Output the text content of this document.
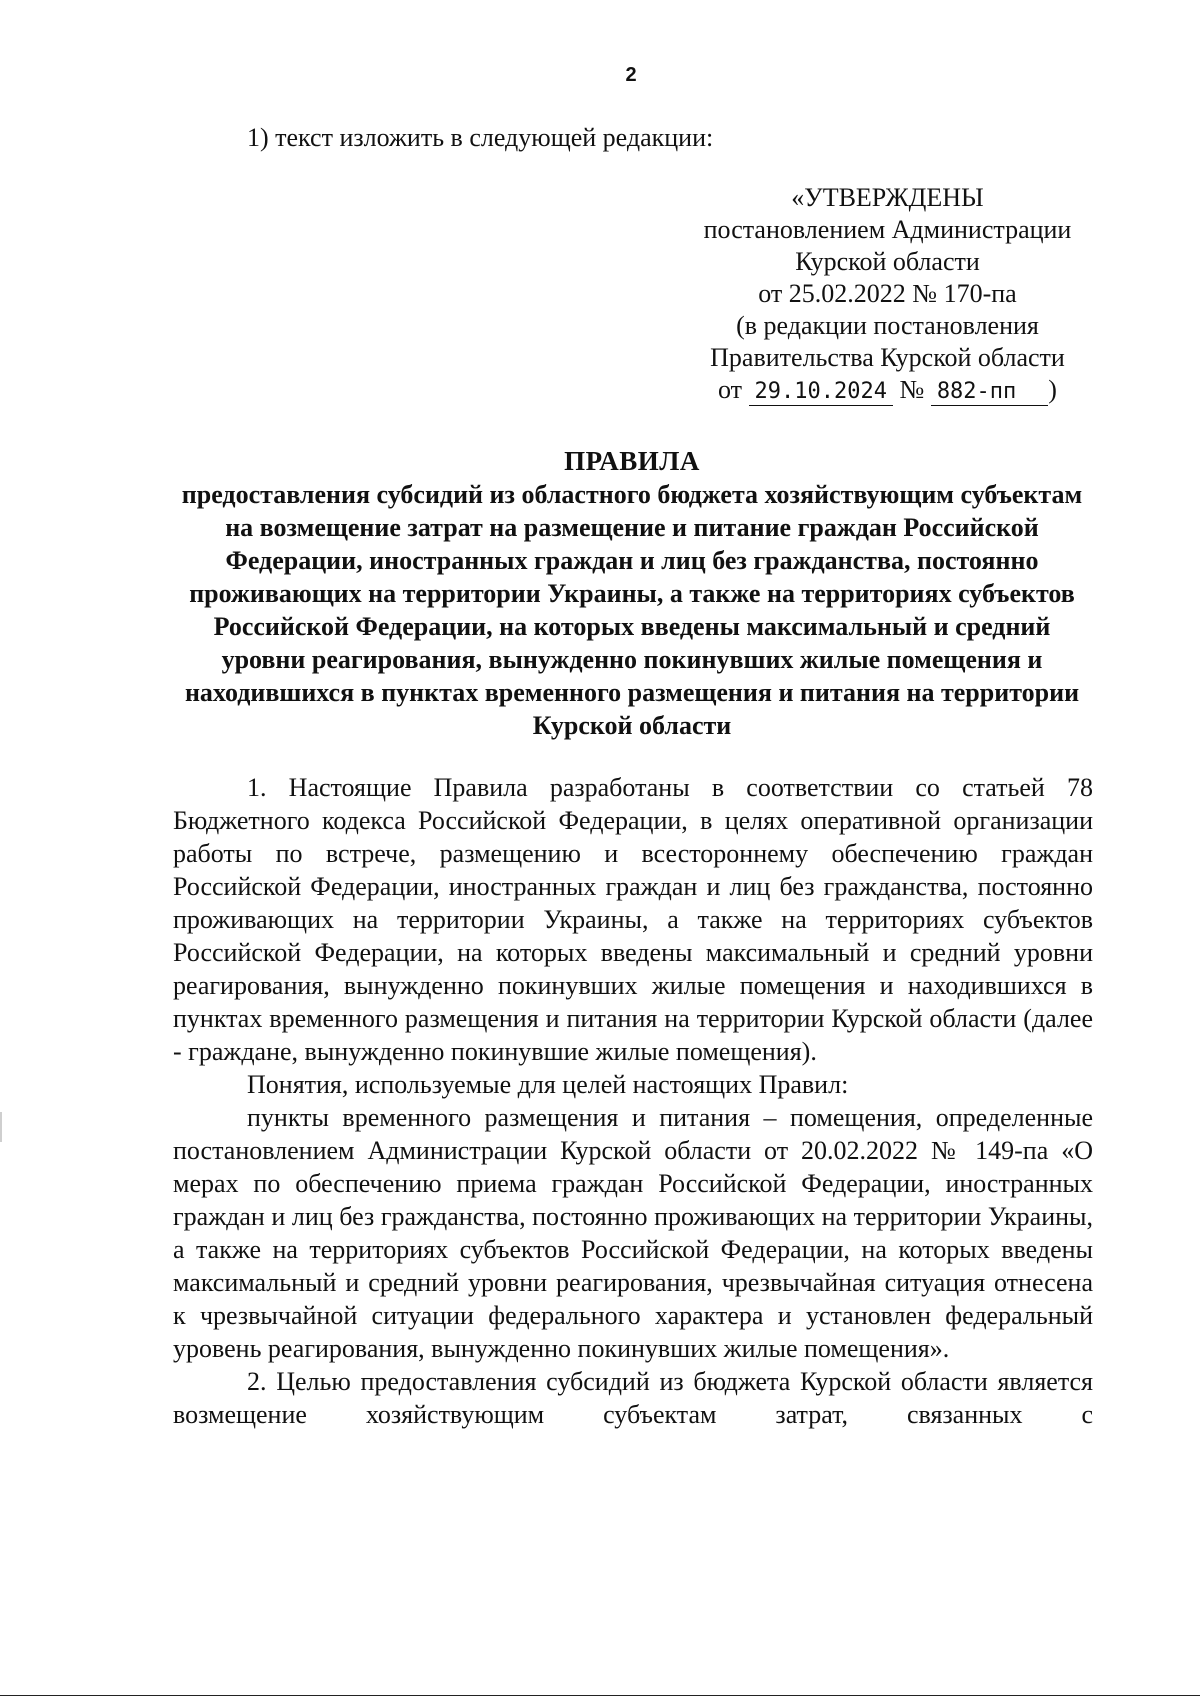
2
1) текст изложить в следующей редакции:
«УТВЕРЖДЕНЫ
постановлением Администрации
Курской области
от 25.02.2022 № 170-па
(в редакции постановления
Правительства Курской области
от 29.10.2024 № 882-пп )
ПРАВИЛА
предоставления субсидий из областного бюджета хозяйствующим субъектам на возмещение затрат на размещение и питание граждан Российской Федерации, иностранных граждан и лиц без гражданства, постоянно проживающих на территории Украины, а также на территориях субъектов Российской Федерации, на которых введены максимальный и средний уровни реагирования, вынужденно покинувших жилые помещения и находившихся в пунктах временного размещения и питания на территории Курской области

1. Настоящие Правила разработаны в соответствии со статьей 78 Бюджетного кодекса Российской Федерации, в целях оперативной организации работы по встрече, размещению и всестороннему обеспечению граждан Российской Федерации, иностранных граждан и лиц без гражданства, постоянно проживающих на территории Украины, а также на территориях субъектов Российской Федерации, на которых введены максимальный и средний уровни реагирования, вынужденно покинувших жилые помещения и находившихся в пунктах временного размещения и питания на территории Курской области (далее - граждане, вынужденно покинувшие жилые помещения).

Понятия, используемые для целей настоящих Правил:

пункты временного размещения и питания – помещения, определенные постановлением Администрации Курской области от 20.02.2022 № 149-па «О мерах по обеспечению приема граждан Российской Федерации, иностранных граждан и лиц без гражданства, постоянно проживающих на территории Украины, а также на территориях субъектов Российской Федерации, на которых введены максимальный и средний уровни реагирования, чрезвычайная ситуация отнесена к чрезвычайной ситуации федерального характера и установлен федеральный уровень реагирования, вынужденно покинувших жилые помещения».

2. Целью предоставления субсидий из бюджета Курской области является возмещение хозяйствующим субъектам затрат, связанных с
